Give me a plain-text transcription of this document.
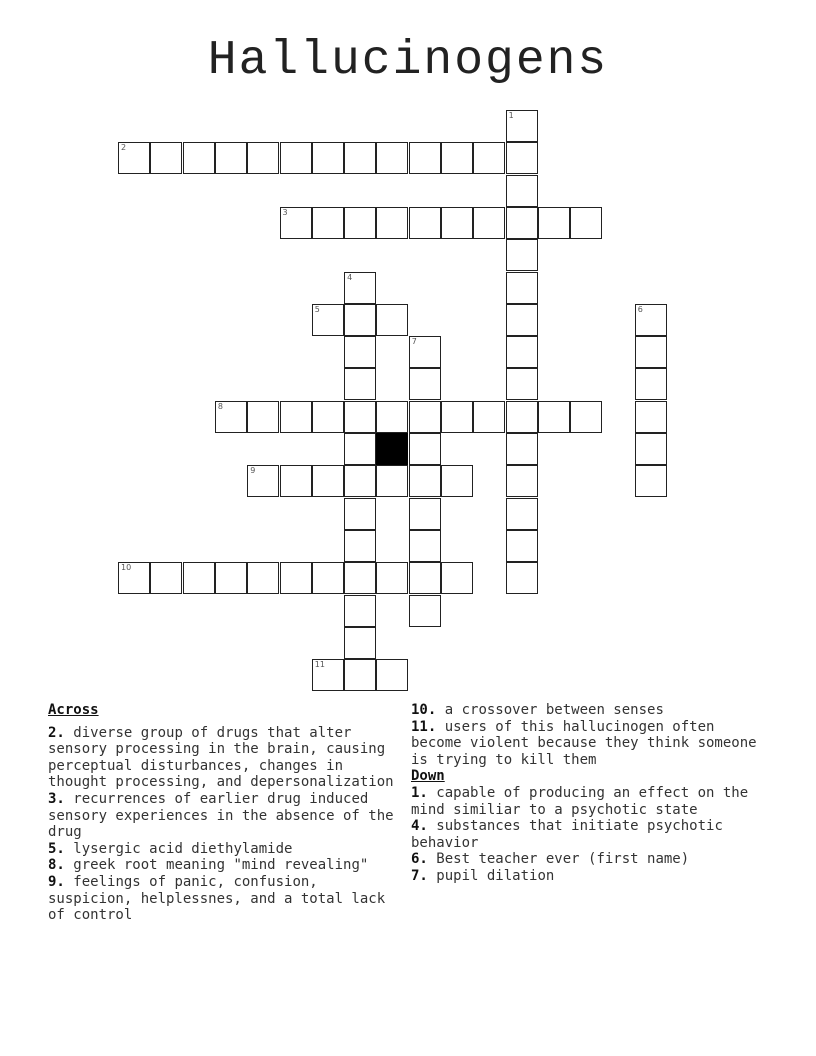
Hallucinogens
1
2
3
4
5	6
7
8
9
10
11
Across
2. diverse group of drugs that alter sensory processing in the brain, causing perceptual disturbances, changes in thought processing, and depersonalization
3. recurrences of earlier drug induced sensory experiences in the absence of the drug
5. lysergic acid diethylamide
8. greek root meaning "mind revealing"
9. feelings of panic, confusion, suspicion, helplessnes, and a total lack of control
10. a crossover between senses
11. users of this hallucinogen often become violent because they think someone is trying to kill them
Down
1. capable of producing an effect on the mind similiar to a psychotic state
4. substances that initiate psychotic behavior
6. Best teacher ever (first name)
7. pupil dilation
